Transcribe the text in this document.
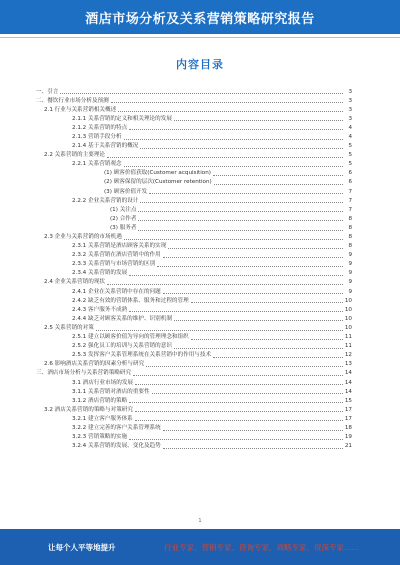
酒店市场分析及关系营销策略研究报告
内容目录
一、引言	3
二、餐饮行业市场分析及预测	3
2.1 行业与关系营销相关概述	3
2.1.1 关系营销的定义和相关理论的发展	3
2.1.2 关系营销的特点	4
2.1.3 营销手段分析	4
2.1.4 基于关系营销的概况	5
2.2 关系营销的主要理论	5
2.2.1 关系营销观念	5
(1) 顾客价值获取(Customer acquisition)	6
(2) 顾客保留的层次(Customer retention)	6
(3) 顾客价值开发	7
2.2.2 企业关系营销的设计	7
(1) 关注点	7
(2) 合作者	8
(3) 服务者	8
2.3 企业与关系营销的市场机遇	8
2.3.1 关系营销是酒店顾客关系的实现	8
2.3.2 关系营销在酒店营销中的作用	9
2.3.3 关系营销与市场营销的区别	9
2.3.4 关系营销的发展	9
2.4 企业关系营销的现状	9
2.4.1 企业在关系营销中存在的问题	9
2.4.2 缺乏有效的营销体系、服务和过程的管理	10
2.4.3 客户服务不成熟	10
2.4.4 缺乏对顾客关系的维护、识别机制	10
2.5 关系营销的对策	10
2.5.1 建立以顾客价值为导向的管理理念和组织	11
2.5.2 强化员工的培训与关系营销的意识	11
2.5.3 发挥客户关系管理系统在关系营销中的作用与技术	12
2.6 影响酒店关系营销的因素分析与研究	13
三、酒店市场分析与关系营销策略研究	14
3.1 酒店行业市场的发展	14
3.1.1 关系营销对酒店的重要性	14
3.1.2 酒店营销的策略	15
3.2 酒店关系营销的策略与对策研究	17
3.2.1 建立客户服务体系	17
3.2.2 建立完善的客户关系管理系统	18
3.2.3 营销策略的实施	19
3.2.4 关系营销的发展、变化及趋势	21
1
让每个人平等地提升	行业专家、营销专家、咨询专家、战略专家、资深专家……
